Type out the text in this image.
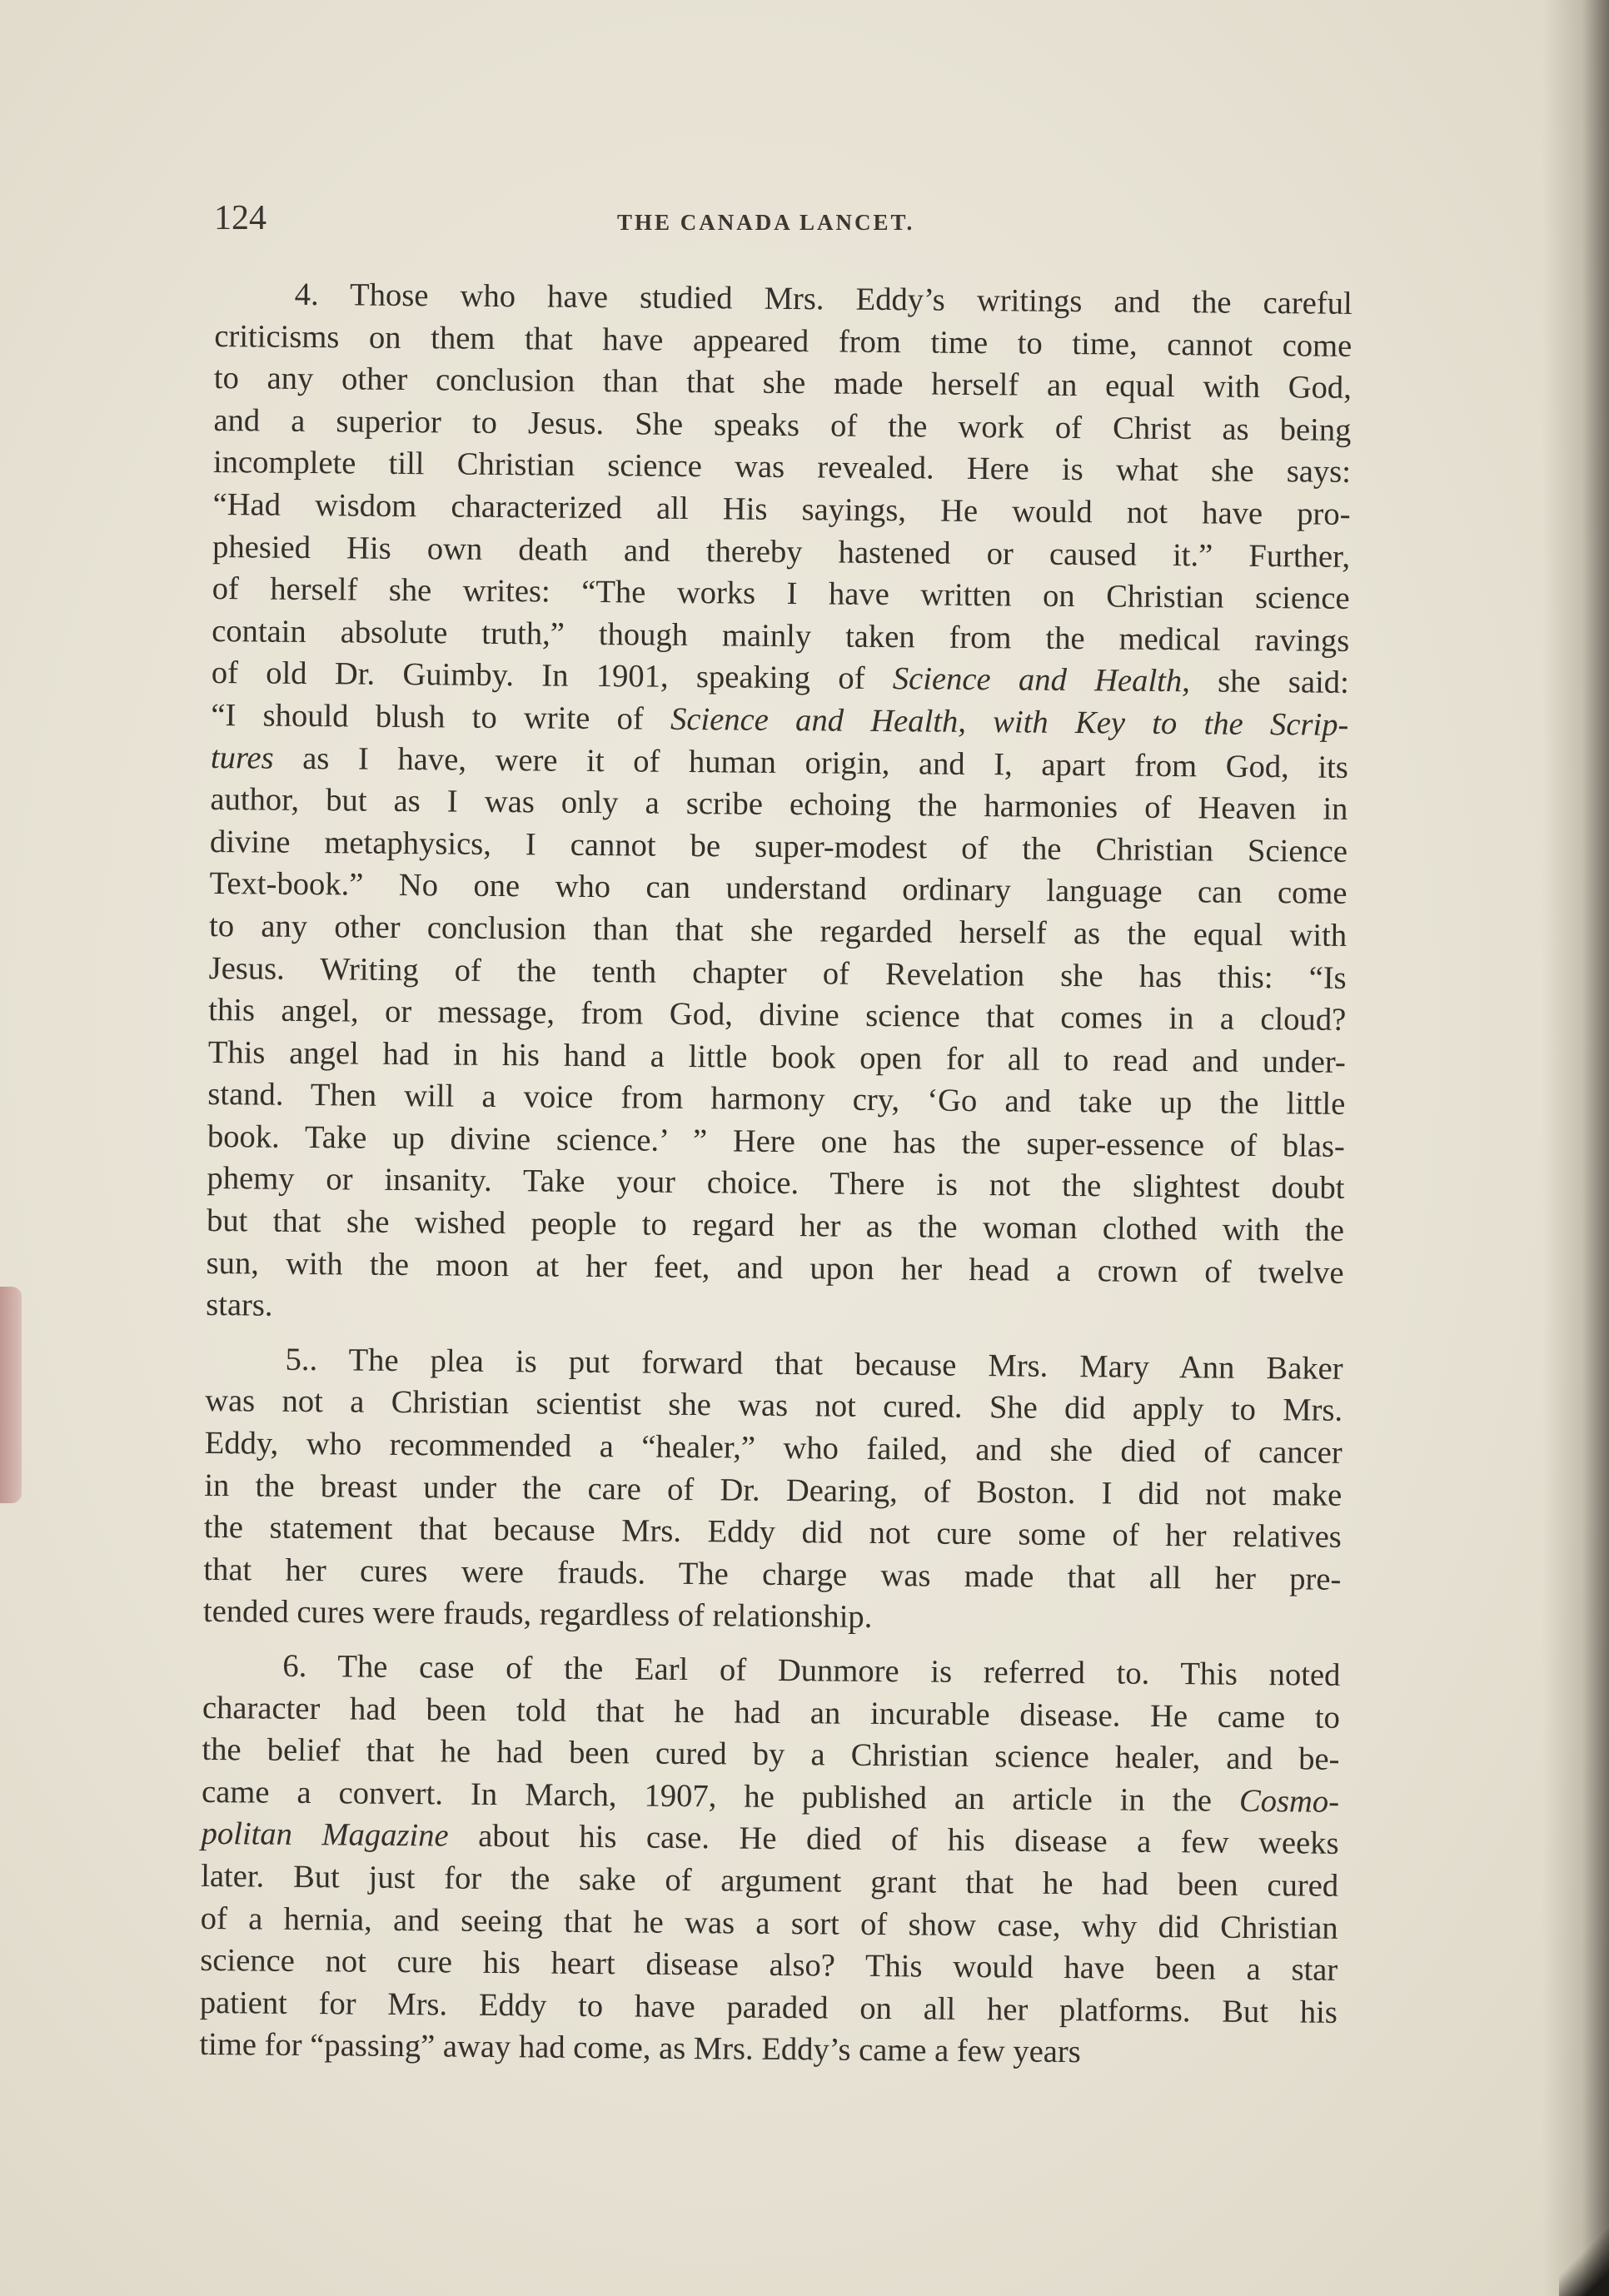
124	THE CANADA LANCET.
4. Those who have studied Mrs. Eddy’s writings and the careful
criticisms on them that have appeared from time to time, cannot come
to any other conclusion than that she made herself an equal with God,
and a superior to Jesus. She speaks of the work of Christ as being
incomplete till Christian science was revealed. Here is what she says:
“Had wisdom characterized all His sayings, He would not have pro-
phesied His own death and thereby hastened or caused it.” Further,
of herself she writes: “The works I have written on Christian science
contain absolute truth,” though mainly taken from the medical ravings
of old Dr. Guimby. In 1901, speaking of Science and Health, she said:
“I should blush to write of Science and Health, with Key to the Scrip-
tures as I have, were it of human origin, and I, apart from God, its
author, but as I was only a scribe echoing the harmonies of Heaven in
divine metaphysics, I cannot be super-modest of the Christian Science
Text-book.” No one who can understand ordinary language can come
to any other conclusion than that she regarded herself as the equal with
Jesus. Writing of the tenth chapter of Revelation she has this: “Is
this angel, or message, from God, divine science that comes in a cloud?
This angel had in his hand a little book open for all to read and under-
stand. Then will a voice from harmony cry, ‘Go and take up the little
book. Take up divine science.’ ” Here one has the super-essence of blas-
phemy or insanity. Take your choice. There is not the slightest doubt
but that she wished people to regard her as the woman clothed with the
sun, with the moon at her feet, and upon her head a crown of twelve
stars.
5.. The plea is put forward that because Mrs. Mary Ann Baker
was not a Christian scientist she was not cured. She did apply to Mrs.
Eddy, who recommended a “healer,” who failed, and she died of cancer
in the breast under the care of Dr. Dearing, of Boston. I did not make
the statement that because Mrs. Eddy did not cure some of her relatives
that her cures were frauds. The charge was made that all her pre-
tended cures were frauds, regardless of relationship.
6. The case of the Earl of Dunmore is referred to. This noted
character had been told that he had an incurable disease. He came to
the belief that he had been cured by a Christian science healer, and be-
came a convert. In March, 1907, he published an article in the Cosmo-
politan Magazine about his case. He died of his disease a few weeks
later. But just for the sake of argument grant that he had been cured
of a hernia, and seeing that he was a sort of show case, why did Christian
science not cure his heart disease also? This would have been a star
patient for Mrs. Eddy to have paraded on all her platforms. But his
time for “passing” away had come, as Mrs. Eddy’s came a few years
